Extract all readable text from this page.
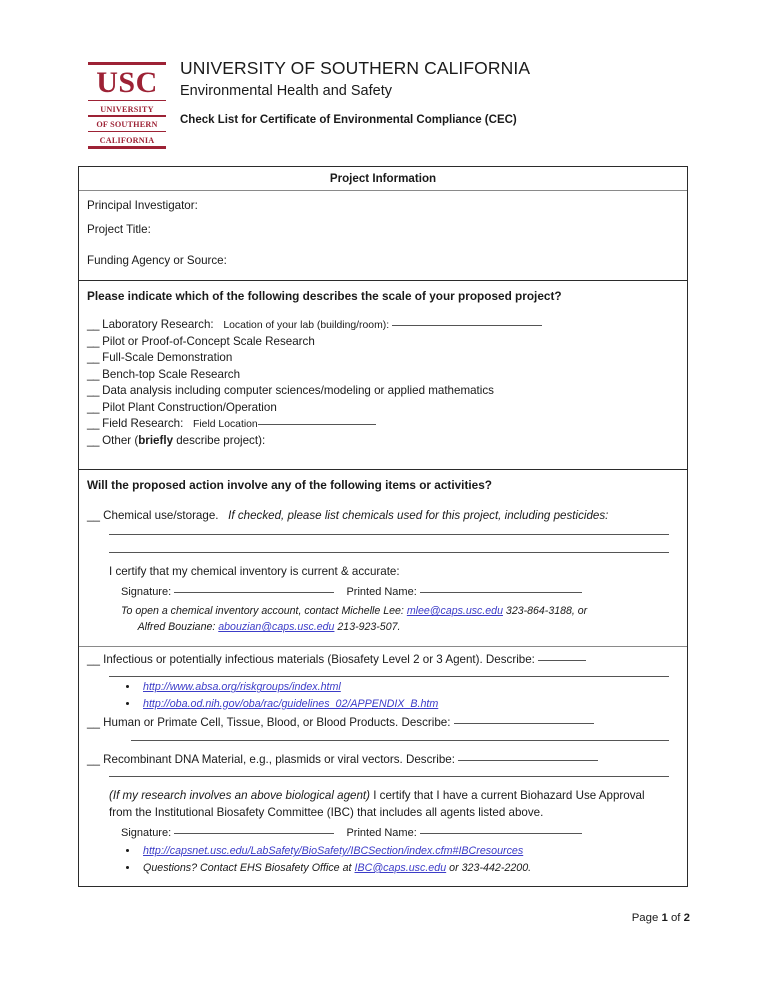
USC
UNIVERSITY
OF SOUTHERN
CALIFORNIA
UNIVERSITY OF SOUTHERN CALIFORNIA
Environmental Health and Safety
Check List for Certificate of Environmental Compliance (CEC)
Project Information
Principal Investigator:
Project Title:
Funding Agency or Source:
Please indicate which of the following describes the scale of your proposed project?
__ Laboratory Research: Location of your lab (building/room):
__ Pilot or Proof-of-Concept Scale Research
__ Full-Scale Demonstration
__ Bench-top Scale Research
__ Data analysis including computer sciences/modeling or applied mathematics
__ Pilot Plant Construction/Operation
__ Field Research: Field Location
__ Other (briefly describe project):
Will the proposed action involve any of the following items or activities?
__ Chemical use/storage. If checked, please list chemicals used for this project, including pesticides:
I certify that my chemical inventory is current & accurate:
Signature:	Printed Name:
To open a chemical inventory account, contact Michelle Lee: mlee@caps.usc.edu 323-864-3188, or
Alfred Bouziane: abouzian@caps.usc.edu 213-923-507.
__ Infectious or potentially infectious materials (Biosafety Level 2 or 3 Agent). Describe:
• http://www.absa.org/riskgroups/index.html
• http://oba.od.nih.gov/oba/rac/guidelines_02/APPENDIX_B.htm
__ Human or Primate Cell, Tissue, Blood, or Blood Products. Describe:
__ Recombinant DNA Material, e.g., plasmids or viral vectors. Describe:
(If my research involves an above biological agent) I certify that I have a current Biohazard Use Approval from the Institutional Biosafety Committee (IBC) that includes all agents listed above.
Signature:	Printed Name:
• http://capsnet.usc.edu/LabSafety/BioSafety/IBCSection/index.cfm#IBCresources
• Questions? Contact EHS Biosafety Office at IBC@caps.usc.edu or 323-442-2200.
Page 1 of 2
